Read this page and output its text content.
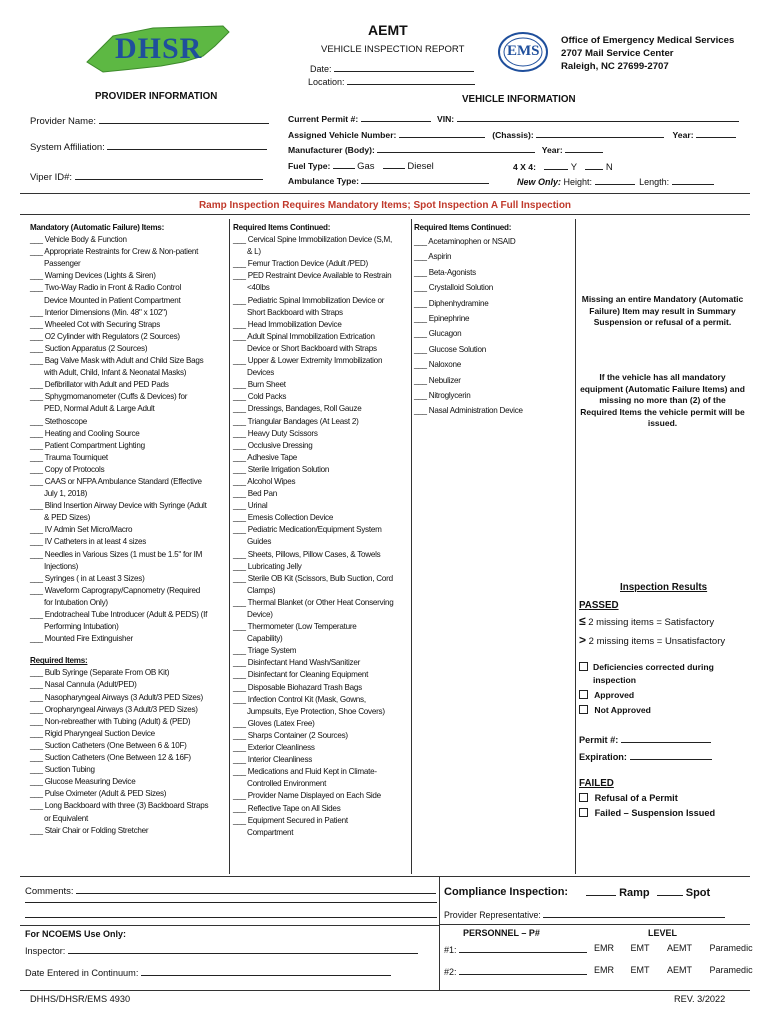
DHSR
AEMT
VEHICLE INSPECTION REPORT
Date:
Location:
EMS
Office of Emergency Medical Services
2707 Mail Service Center
Raleigh, NC 27699-2707
PROVIDER INFORMATION
Provider Name:
System Affiliation:
Viper ID#:
VEHICLE INFORMATION
Current Permit #:	VIN:
Assigned Vehicle Number:	(Chassis):	Year:
Manufacturer (Body):	Year:
Fuel Type:	Gas	Diesel	4 X 4:	Y	N
Ambulance Type:	New Only: Height:	Length:
Ramp Inspection Requires Mandatory Items; Spot Inspection A Full Inspection
Mandatory (Automatic Failure) Items:
___ Vehicle Body & Function
___ Appropriate Restraints for Crew & Non-patient
Passenger
___ Warning Devices (Lights & Siren)
___ Two-Way Radio in Front & Radio Control
Device Mounted in Patient Compartment
___ Interior Dimensions (Min. 48" x 102")
___ Wheeled Cot with Securing Straps
___ O2 Cylinder with Regulators (2 Sources)
___ Suction Apparatus (2 Sources)
___ Bag Valve Mask with Adult and Child Size Bags
with Adult, Child, Infant & Neonatal Masks)
___ Defibrillator with Adult and PED Pads
___ Sphygmomanometer (Cuffs & Devices) for
PED, Normal Adult & Large Adult
___ Stethoscope
___ Heating and Cooling Source
___ Patient Compartment Lighting
___ Trauma Tourniquet
___ Copy of Protocols
___ CAAS or NFPA Ambulance Standard (Effective
July 1, 2018)
___ Blind Insertion Airway Device with Syringe (Adult
& PED Sizes)
___ IV Admin Set Micro/Macro
___ IV Catheters in at least 4 sizes
___ Needles in Various Sizes (1 must be 1.5" for IM
Injections)
___ Syringes ( in at Least 3 Sizes)
___ Waveform Caprograpy/Capnometry (Required
for Intubation Only)
___ Endotracheal Tube Introducer (Adult & PEDS) (If
Performing Intubation)
___ Mounted Fire Extinguisher
Required Items:
___ Bulb Syringe (Separate From OB Kit)
___ Nasal Cannula (Adult/PED)
___ Nasopharyngeal Airways (3 Adult/3 PED Sizes)
___ Oropharyngeal Airways (3 Adult/3 PED Sizes)
___ Non-rebreather with Tubing (Adult) & (PED)
___ Rigid Pharyngeal Suction Device
___ Suction Catheters (One Between 6 & 10F)
___ Suction Catheters (One Between 12 & 16F)
___ Suction Tubing
___ Glucose Measuring Device
___ Pulse Oximeter (Adult & PED Sizes)
___ Long Backboard with three (3) Backboard Straps
or Equivalent
___ Stair Chair or Folding Stretcher
Required Items Continued:
___ Cervical Spine Immobilization Device (S,M,
& L)
___ Femur Traction Device (Adult /PED)
___ PED Restraint Device Available to Restrain
<40lbs
___ Pediatric Spinal Immobilization Device or
Short Backboard with Straps
___ Head Immobilization Device
___ Adult Spinal Immobilization Extrication
Device or Short Backboard with Straps
___ Upper & Lower Extremity Immobilization
Devices
___ Burn Sheet
___ Cold Packs
___ Dressings, Bandages, Roll Gauze
___ Triangular Bandages (At Least 2)
___ Heavy Duty Scissors
___ Occlusive Dressing
___ Adhesive Tape
___ Sterile Irrigation Solution
___ Alcohol Wipes
___ Bed Pan
___ Urinal
___ Emesis Collection Device
___ Pediatric Medication/Equipment System
Guides
___ Sheets, Pillows, Pillow Cases, & Towels
___ Lubricating Jelly
___ Sterile OB Kit (Scissors, Bulb Suction, Cord
Clamps)
___ Thermal Blanket (or Other Heat Conserving
Device)
___ Thermometer (Low Temperature
Capability)
___ Triage System
___ Disinfectant Hand Wash/Sanitizer
___ Disinfectant for Cleaning Equipment
___ Disposable Biohazard Trash Bags
___ Infection Control Kit (Mask, Gowns,
Jumpsuits, Eye Protection, Shoe Covers)
___ Gloves (Latex Free)
___ Sharps Container (2 Sources)
___ Exterior Cleanliness
___ Interior Cleanliness
___ Medications and Fluid Kept in Climate-
Controlled Environment
___ Provider Name Displayed on Each Side
___ Reflective Tape on All Sides
___ Equipment Secured in Patient
Compartment
Required Items Continued:
___ Acetaminophen or NSAID
___ Aspirin
___ Beta-Agonists
___ Crystalloid Solution
___ Diphenhydramine
___ Epinephrine
___ Glucagon
___ Glucose Solution
___ Naloxone
___ Nebulizer
___ Nitroglycerin
___ Nasal Administration Device
Missing an entire Mandatory (Automatic Failure) Item may result in Summary Suspension or refusal of a permit.
If the vehicle has all mandatory equipment (Automatic Failure Items) and missing no more than (2) of the Required Items the vehicle permit will be issued.
Inspection Results
PASSED
≤ 2 missing items = Satisfactory
> 2 missing items = Unsatisfactory
Deficiencies corrected during inspection
Approved
Not Approved
Permit #:
Expiration:
FAILED
Refusal of a Permit
Failed – Suspension Issued
Comments:
For NCOEMS Use Only:
Inspector:
Date Entered in Continuum:
Compliance Inspection:	Ramp	Spot
Provider Representative:
PERSONNEL – P#	LEVEL
#1:	EMR EMT AEMT Paramedic
#2:	EMR EMT AEMT Paramedic
DHHS/DHSR/EMS 4930	REV. 3/2022
